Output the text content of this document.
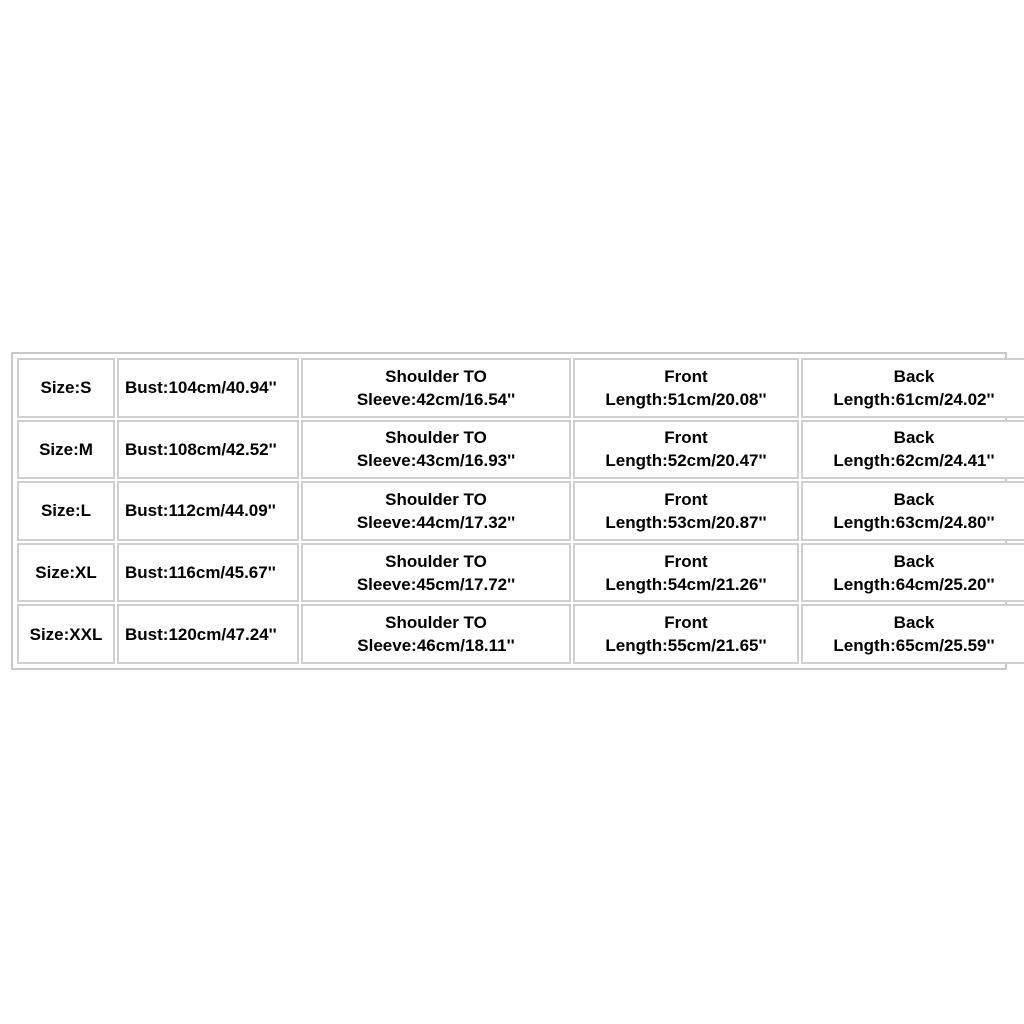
Size:S	Bust:104cm/40.94''	Shoulder TO
Sleeve:42cm/16.54''	Front
Length:51cm/20.08''	Back
Length:61cm/24.02''

Size:M	Bust:108cm/42.52''	Shoulder TO
Sleeve:43cm/16.93''	Front
Length:52cm/20.47''	Back
Length:62cm/24.41''

Size:L	Bust:112cm/44.09''	Shoulder TO
Sleeve:44cm/17.32''	Front
Length:53cm/20.87''	Back
Length:63cm/24.80''

Size:XL	Bust:116cm/45.67''	Shoulder TO
Sleeve:45cm/17.72''	Front
Length:54cm/21.26''	Back
Length:64cm/25.20''

Size:XXL	Bust:120cm/47.24''	Shoulder TO
Sleeve:46cm/18.11''	Front
Length:55cm/21.65''	Back
Length:65cm/25.59''
